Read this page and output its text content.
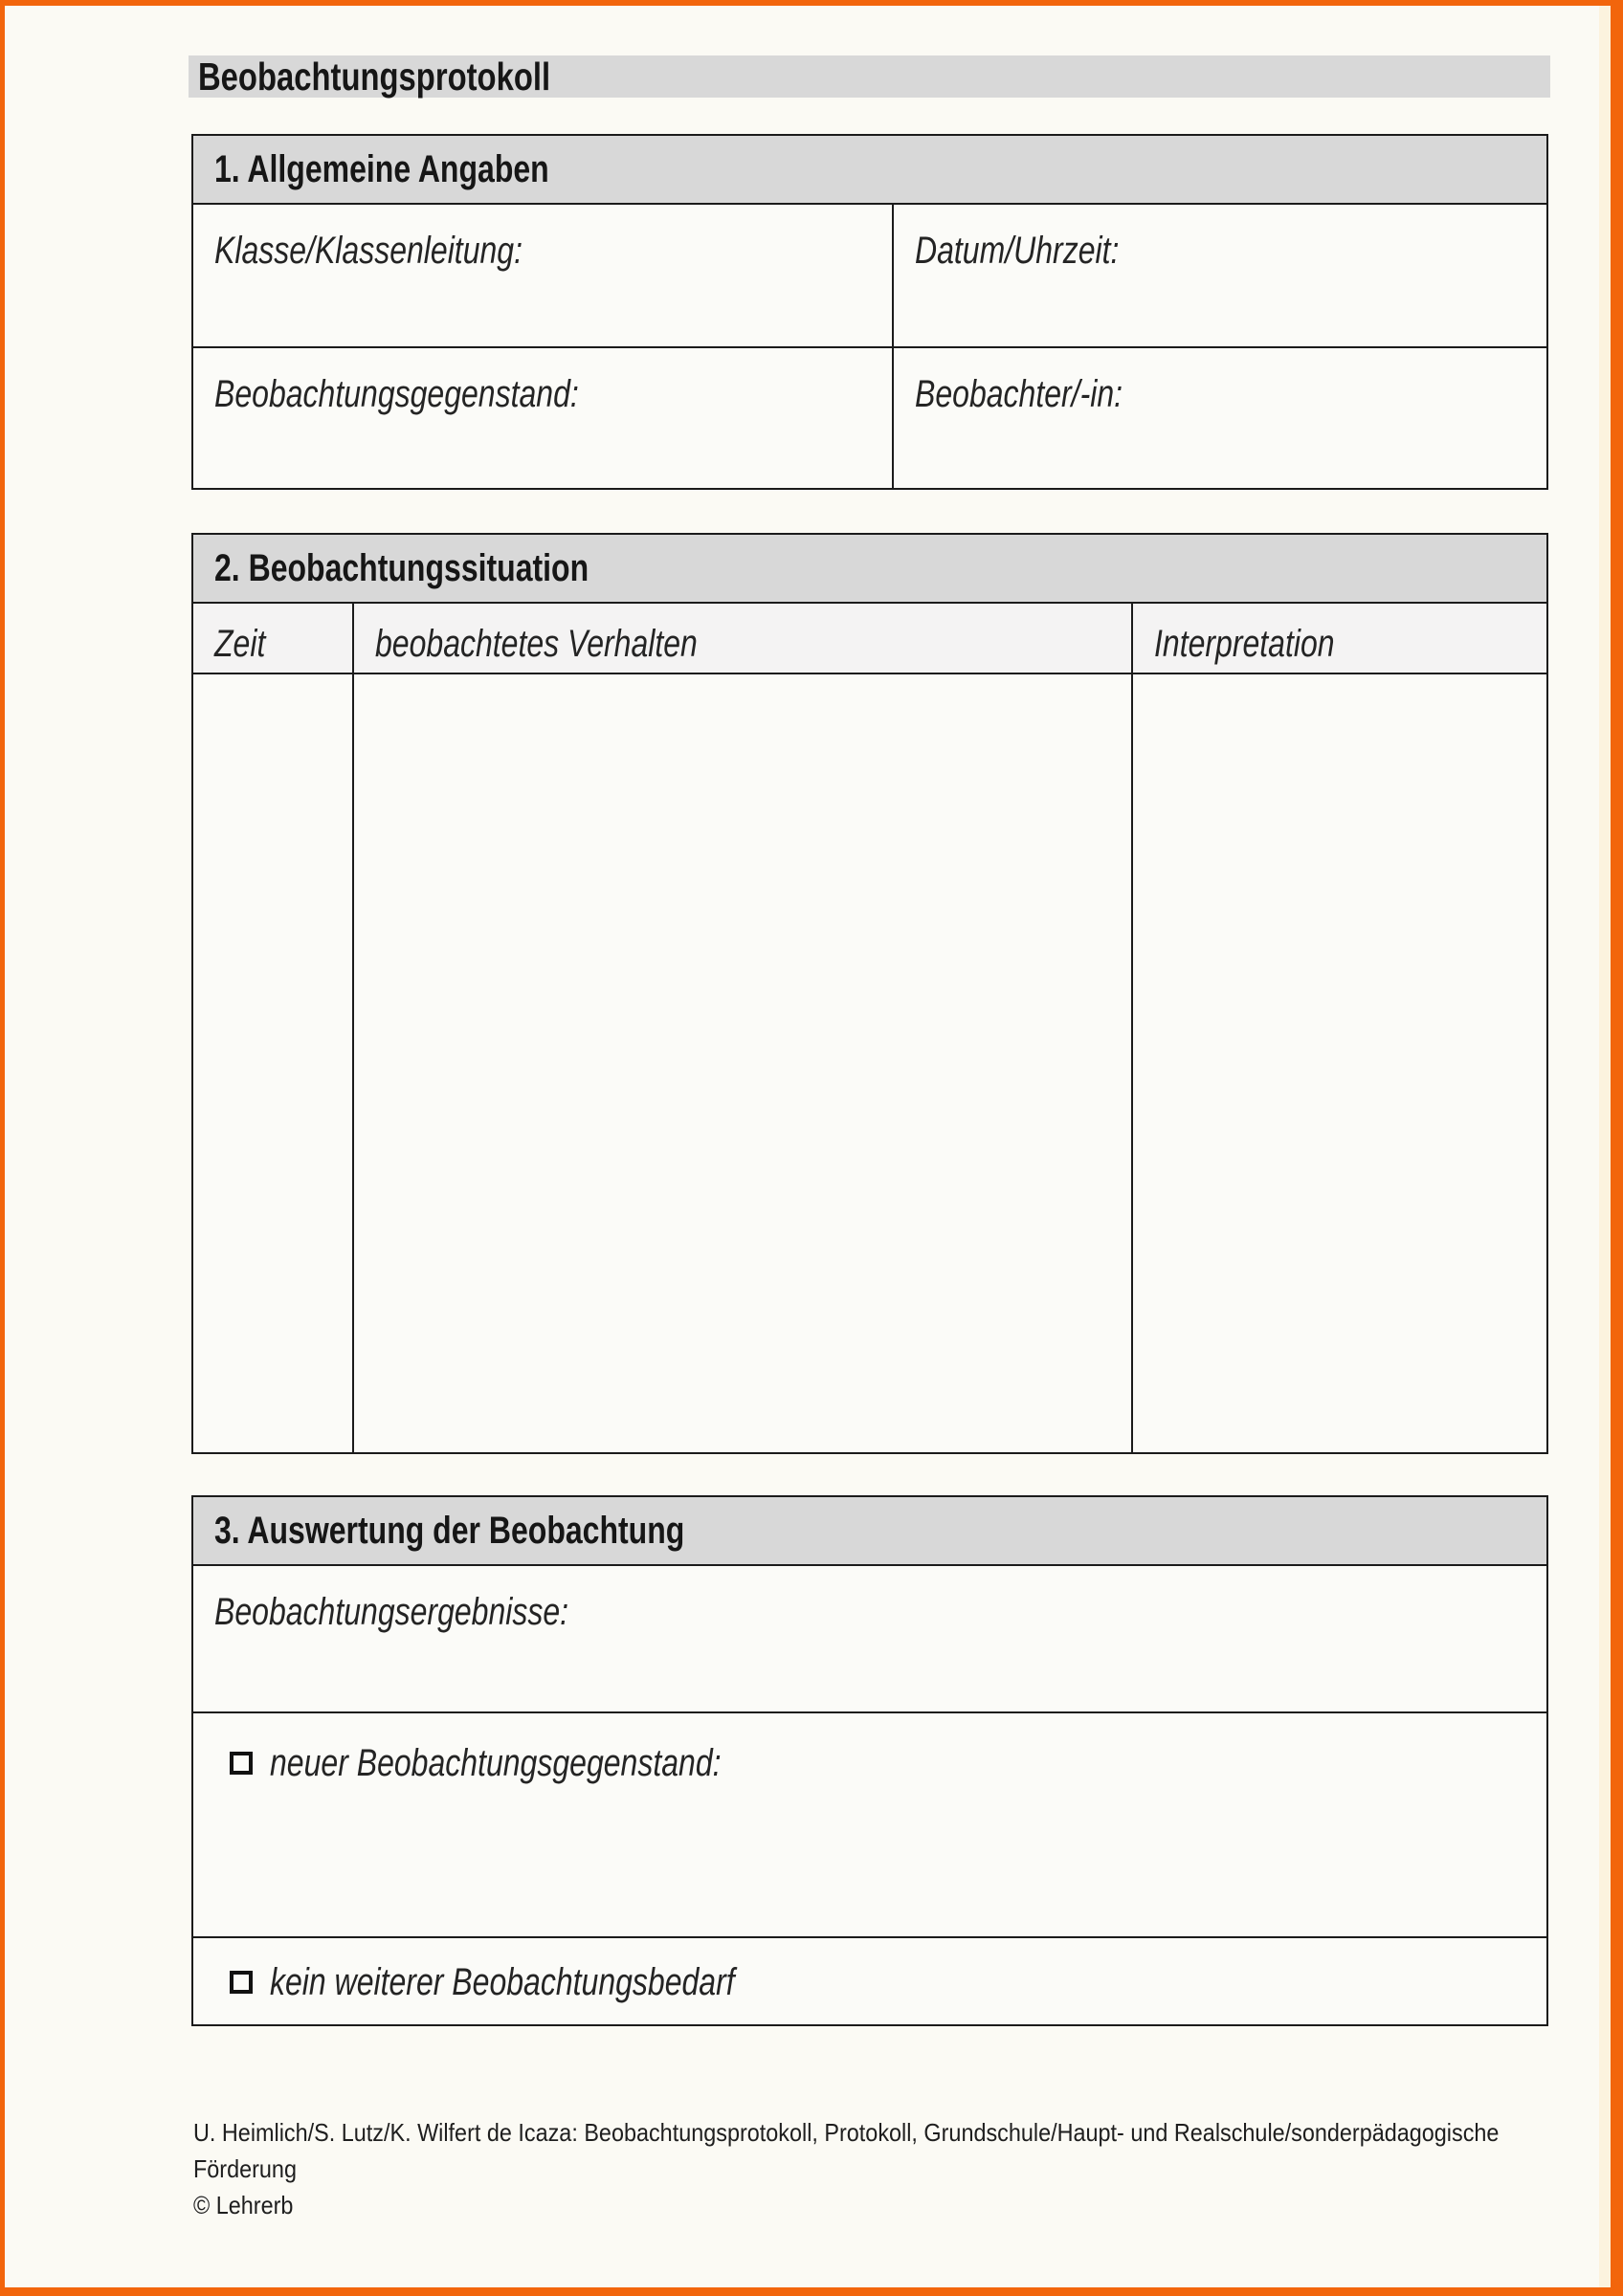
Beobachtungsprotokoll
1. Allgemeine Angaben
Klasse/Klassenleitung:	Datum/Uhrzeit:
Beobachtungsgegenstand:	Beobachter/-in:
2. Beobachtungssituation
Zeit	beobachtetes Verhalten	Interpretation
3. Auswertung der Beobachtung
Beobachtungsergebnisse:
neuer Beobachtungsgegenstand:
kein weiterer Beobachtungsbedarf
U. Heimlich/S. Lutz/K. Wilfert de Icaza: Beobachtungsprotokoll, Protokoll, Grundschule/Haupt- und Realschule/sonderpädagogische
Förderung
© Lehrerb
